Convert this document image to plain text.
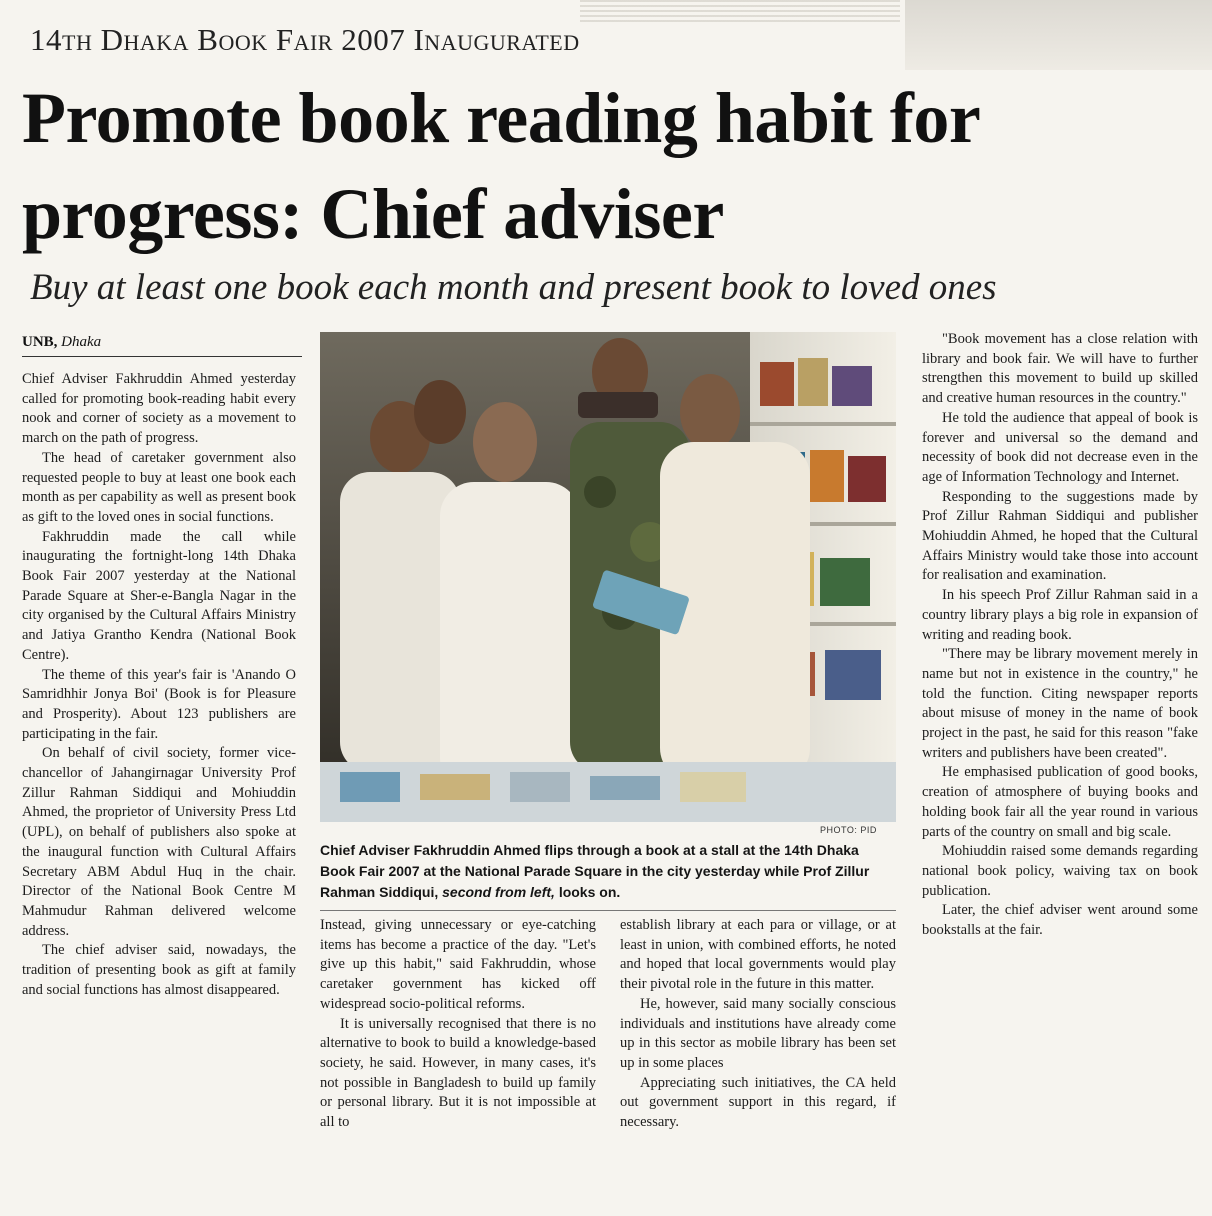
14th Dhaka Book Fair 2007 Inaugurated
Promote book reading habit for
progress: Chief adviser
Buy at least one book each month and present book to loved ones
UNB, Dhaka

Chief Adviser Fakhruddin Ahmed yesterday called for promoting book-reading habit every nook and corner of society as a movement to march on the path of progress.

The head of caretaker government also requested people to buy at least one book each month as per capability as well as present book as gift to the loved ones in social functions.

Fakhruddin made the call while inaugurating the fortnight-long 14th Dhaka Book Fair 2007 yesterday at the National Parade Square at Sher-e-Bangla Nagar in the city organised by the Cultural Affairs Ministry and Jatiya Grantho Kendra (National Book Centre).

The theme of this year's fair is 'Anando O Samridhhir Jonya Boi' (Book is for Pleasure and Prosperity). About 123 publishers are participating in the fair.

On behalf of civil society, former vice-chancellor of Jahangirnagar University Prof Zillur Rahman Siddiqui and Mohiuddin Ahmed, the proprietor of University Press Ltd (UPL), on behalf of publishers also spoke at the inaugural function with Cultural Affairs Secretary ABM Abdul Huq in the chair. Director of the National Book Centre M Mahmudur Rahman delivered welcome address.

The chief adviser said, nowadays, the tradition of presenting book as gift at family and social functions has almost disappeared.

PHOTO: PID
Chief Adviser Fakhruddin Ahmed flips through a book at a stall at the 14th Dhaka Book Fair 2007 at the National Parade Square in the city yesterday while Prof Zillur Rahman Siddiqui, second from left, looks on.

Instead, giving unnecessary or eye-catching items has become a practice of the day. "Let's give up this habit," said Fakhruddin, whose caretaker government has kicked off widespread socio-political reforms.

It is universally recognised that there is no alternative to book to build a knowledge-based society, he said. However, in many cases, it's not possible in Bangladesh to build up family or personal library. But it is not impossible at all to

establish library at each para or village, or at least in union, with combined efforts, he noted and hoped that local governments would play their pivotal role in the future in this matter.

He, however, said many socially conscious individuals and institutions have already come up in this sector as mobile library has been set up in some places

Appreciating such initiatives, the CA held out government support in this regard, if necessary.

"Book movement has a close relation with library and book fair. We will have to further strengthen this movement to build up skilled and creative human resources in the country."

He told the audience that appeal of book is forever and universal so the demand and necessity of book did not decrease even in the age of Information Technology and Internet.

Responding to the suggestions made by Prof Zillur Rahman Siddiqui and publisher Mohiuddin Ahmed, he hoped that the Cultural Affairs Ministry would take those into account for realisation and examination.

In his speech Prof Zillur Rahman said in a country library plays a big role in expansion of writing and reading book.

"There may be library movement merely in name but not in existence in the country," he told the function. Citing newspaper reports about misuse of money in the name of book project in the past, he said for this reason "fake writers and publishers have been created".

He emphasised publication of good books, creation of atmosphere of buying books and holding book fair all the year round in various parts of the country on small and big scale.

Mohiuddin raised some demands regarding national book policy, waiving tax on book publication.

Later, the chief adviser went around some bookstalls at the fair.
